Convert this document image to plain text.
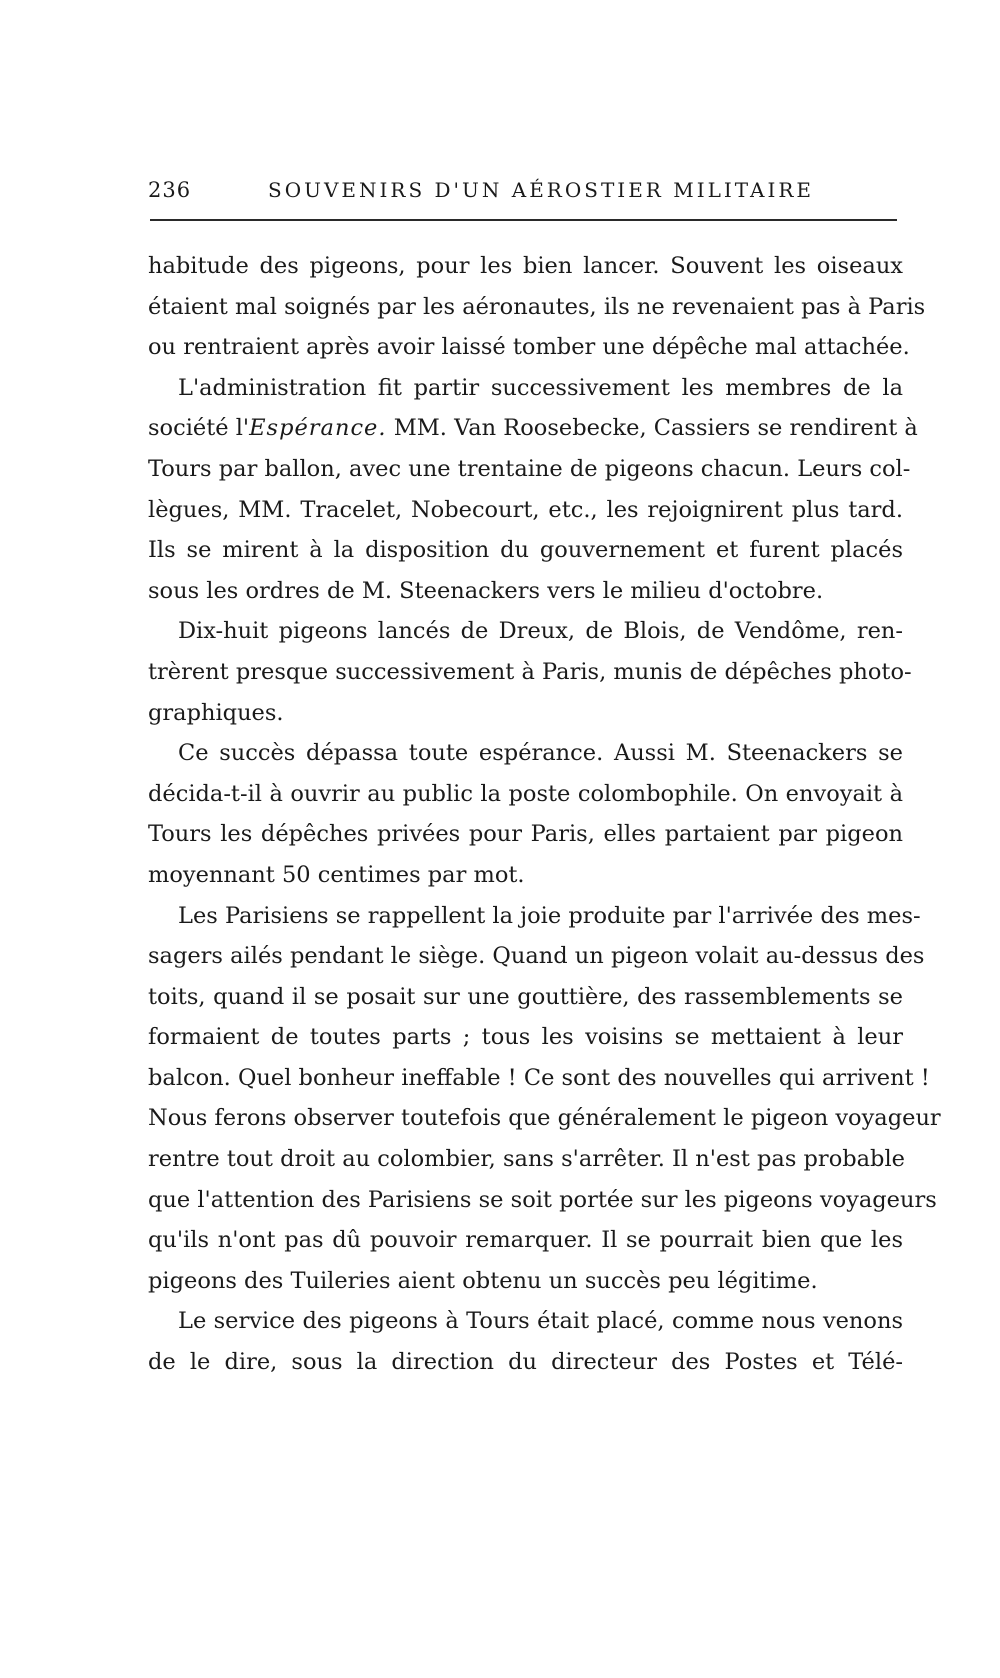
236	SOUVENIRS D'UN AÉROSTIER MILITAIRE
habitude des pigeons, pour les bien lancer. Souvent les oiseaux
étaient mal soignés par les aéronautes, ils ne revenaient pas à Paris
ou rentraient après avoir laissé tomber une dépêche mal attachée.
L'administration fit partir successivement les membres de la
société l'Espérance. MM. Van Roosebecke, Cassiers se rendirent à
Tours par ballon, avec une trentaine de pigeons chacun. Leurs col-
lègues, MM. Tracelet, Nobecourt, etc., les rejoignirent plus tard.
Ils se mirent à la disposition du gouvernement et furent placés
sous les ordres de M. Steenackers vers le milieu d'octobre.
Dix-huit pigeons lancés de Dreux, de Blois, de Vendôme, ren-
trèrent presque successivement à Paris, munis de dépêches photo-
graphiques.
Ce succès dépassa toute espérance. Aussi M. Steenackers se
décida-t-il à ouvrir au public la poste colombophile. On envoyait à
Tours les dépêches privées pour Paris, elles partaient par pigeon
moyennant 50 centimes par mot.
Les Parisiens se rappellent la joie produite par l'arrivée des mes-
sagers ailés pendant le siège. Quand un pigeon volait au-dessus des
toits, quand il se posait sur une gouttière, des rassemblements se
formaient de toutes parts ; tous les voisins se mettaient à leur
balcon. Quel bonheur ineffable ! Ce sont des nouvelles qui arrivent !
Nous ferons observer toutefois que généralement le pigeon voyageur
rentre tout droit au colombier, sans s'arrêter. Il n'est pas probable
que l'attention des Parisiens se soit portée sur les pigeons voyageurs
qu'ils n'ont pas dû pouvoir remarquer. Il se pourrait bien que les
pigeons des Tuileries aient obtenu un succès peu légitime.
Le service des pigeons à Tours était placé, comme nous venons
de le dire, sous la direction du directeur des Postes et Télé-
